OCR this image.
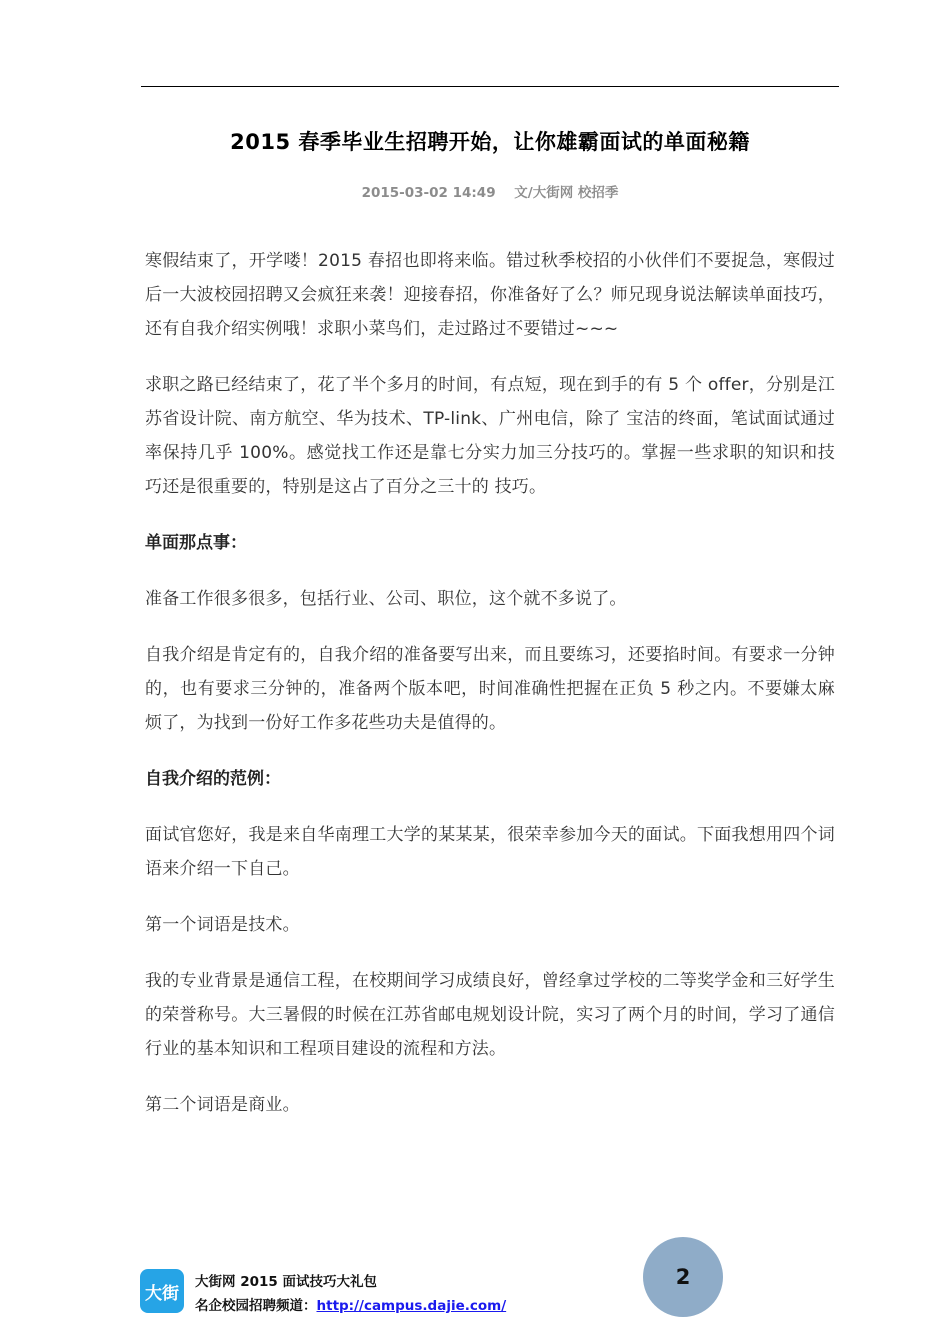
2015 春季毕业生招聘开始，让你雄霸面试的单面秘籍
2015-03-02 14:49 文/大街网 校招季

寒假结束了，开学喽！2015 春招也即将来临。错过秋季校招的小伙伴们不要捉急，寒假过后一大波校园招聘又会疯狂来袭！迎接春招，你准备好了么？师兄现身说法解读单面技巧，还有自我介绍实例哦！求职小菜鸟们，走过路过不要错过~~~

求职之路已经结束了，花了半个多月的时间，有点短，现在到手的有 5 个 offer，分别是江苏省设计院、南方航空、华为技术、TP-link、广州电信，除了 宝洁的终面，笔试面试通过率保持几乎 100%。感觉找工作还是靠七分实力加三分技巧的。掌握一些求职的知识和技巧还是很重要的，特别是这占了百分之三十的 技巧。

单面那点事：

准备工作很多很多，包括行业、公司、职位，这个就不多说了。

自我介绍是肯定有的，自我介绍的准备要写出来，而且要练习，还要掐时间。有要求一分钟的，也有要求三分钟的，准备两个版本吧，时间准确性把握在正负 5 秒之内。不要嫌太麻烦了，为找到一份好工作多花些功夫是值得的。

自我介绍的范例：

面试官您好，我是来自华南理工大学的某某某，很荣幸参加今天的面试。下面我想用四个词语来介绍一下自己。

第一个词语是技术。

我的专业背景是通信工程，在校期间学习成绩良好，曾经拿过学校的二等奖学金和三好学生的荣誉称号。大三暑假的时候在江苏省邮电规划设计院，实习了两个月的时间，学习了通信行业的基本知识和工程项目建设的流程和方法。

第二个词语是商业。

2
大街
大街网 2015 面试技巧大礼包
名企校园招聘频道：http://campus.dajie.com/
